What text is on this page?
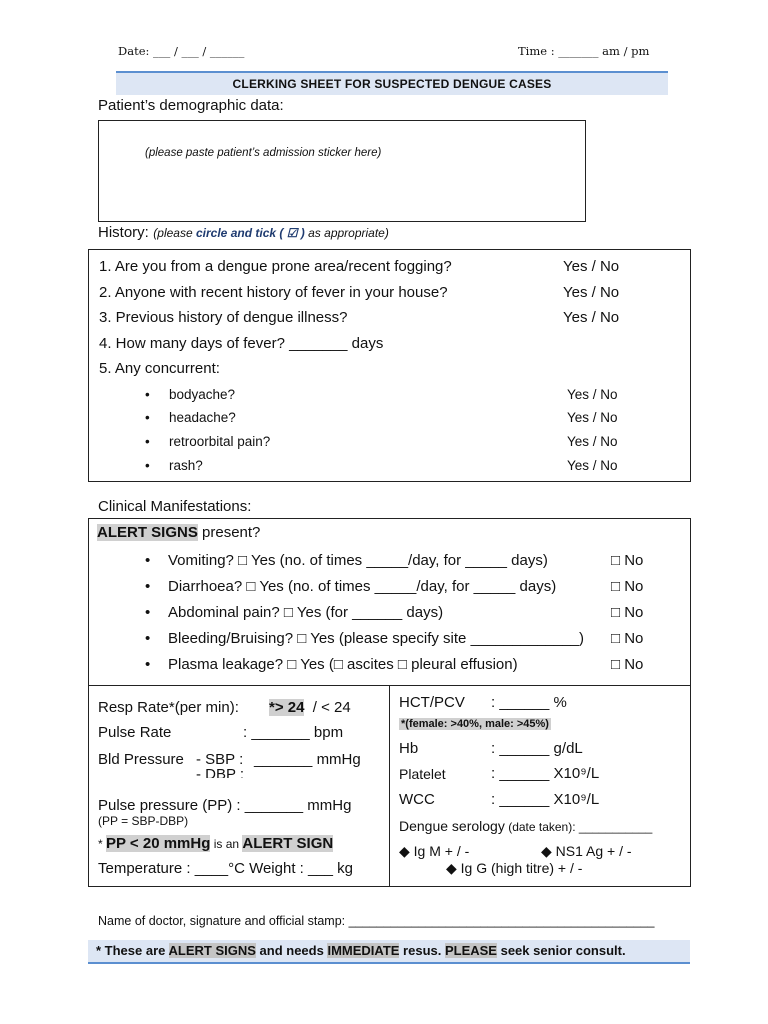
Date: ___ / ___ / ______	Time : _______ am / pm
CLERKING SHEET FOR SUSPECTED DENGUE CASES
Patient’s demographic data:
(please paste patient’s admission sticker here)
History: (please circle and tick ( ☑ ) as appropriate)
1. Are you from a dengue prone area/recent fogging?	Yes / No
2. Anyone with recent history of fever in your house?	Yes / No
3. Previous history of dengue illness?	Yes / No
4. How many days of fever? _______ days
5. Any concurrent:
• bodyache?	Yes / No
• headache?	Yes / No
• retroorbital pain?	Yes / No
• rash?	Yes / No
Clinical Manifestations:
ALERT SIGNS present?
• Vomiting? □ Yes (no. of times _____/day, for _____ days)	□ No
• Diarrhoea? □ Yes (no. of times _____/day, for _____ days)	□ No
• Abdominal pain? □ Yes (for ______ days)	□ No
• Bleeding/Bruising? □ Yes (please specify site _____________) □ No
• Plasma leakage? □ Yes (□ ascites □ pleural effusion)	□ No
Resp Rate*(per min): *> 24 / < 24
Pulse Rate	: _______ bpm
Bld Pressure - SBP : _______ mmHg
- DBP :
Pulse pressure (PP) : _______ mmHg
(PP = SBP-DBP)
* PP < 20 mmHg is an ALERT SIGN
Temperature : ____°C Weight : ___ kg
HCT/PCV : ______ %
*(female: >40%, male: >45%)
Hb	: ______ g/dL
Platelet	: ______ X10⁹/L
WCC	: ______ X10⁹/L
Dengue serology (date taken): ___________
◆ Ig M + / -	◆ NS1 Ag + / -
◆ Ig G (high titre) + / -
Name of doctor, signature and official stamp: ____________________________________________
* These are ALERT SIGNS and needs IMMEDIATE resus. PLEASE seek senior consult.
